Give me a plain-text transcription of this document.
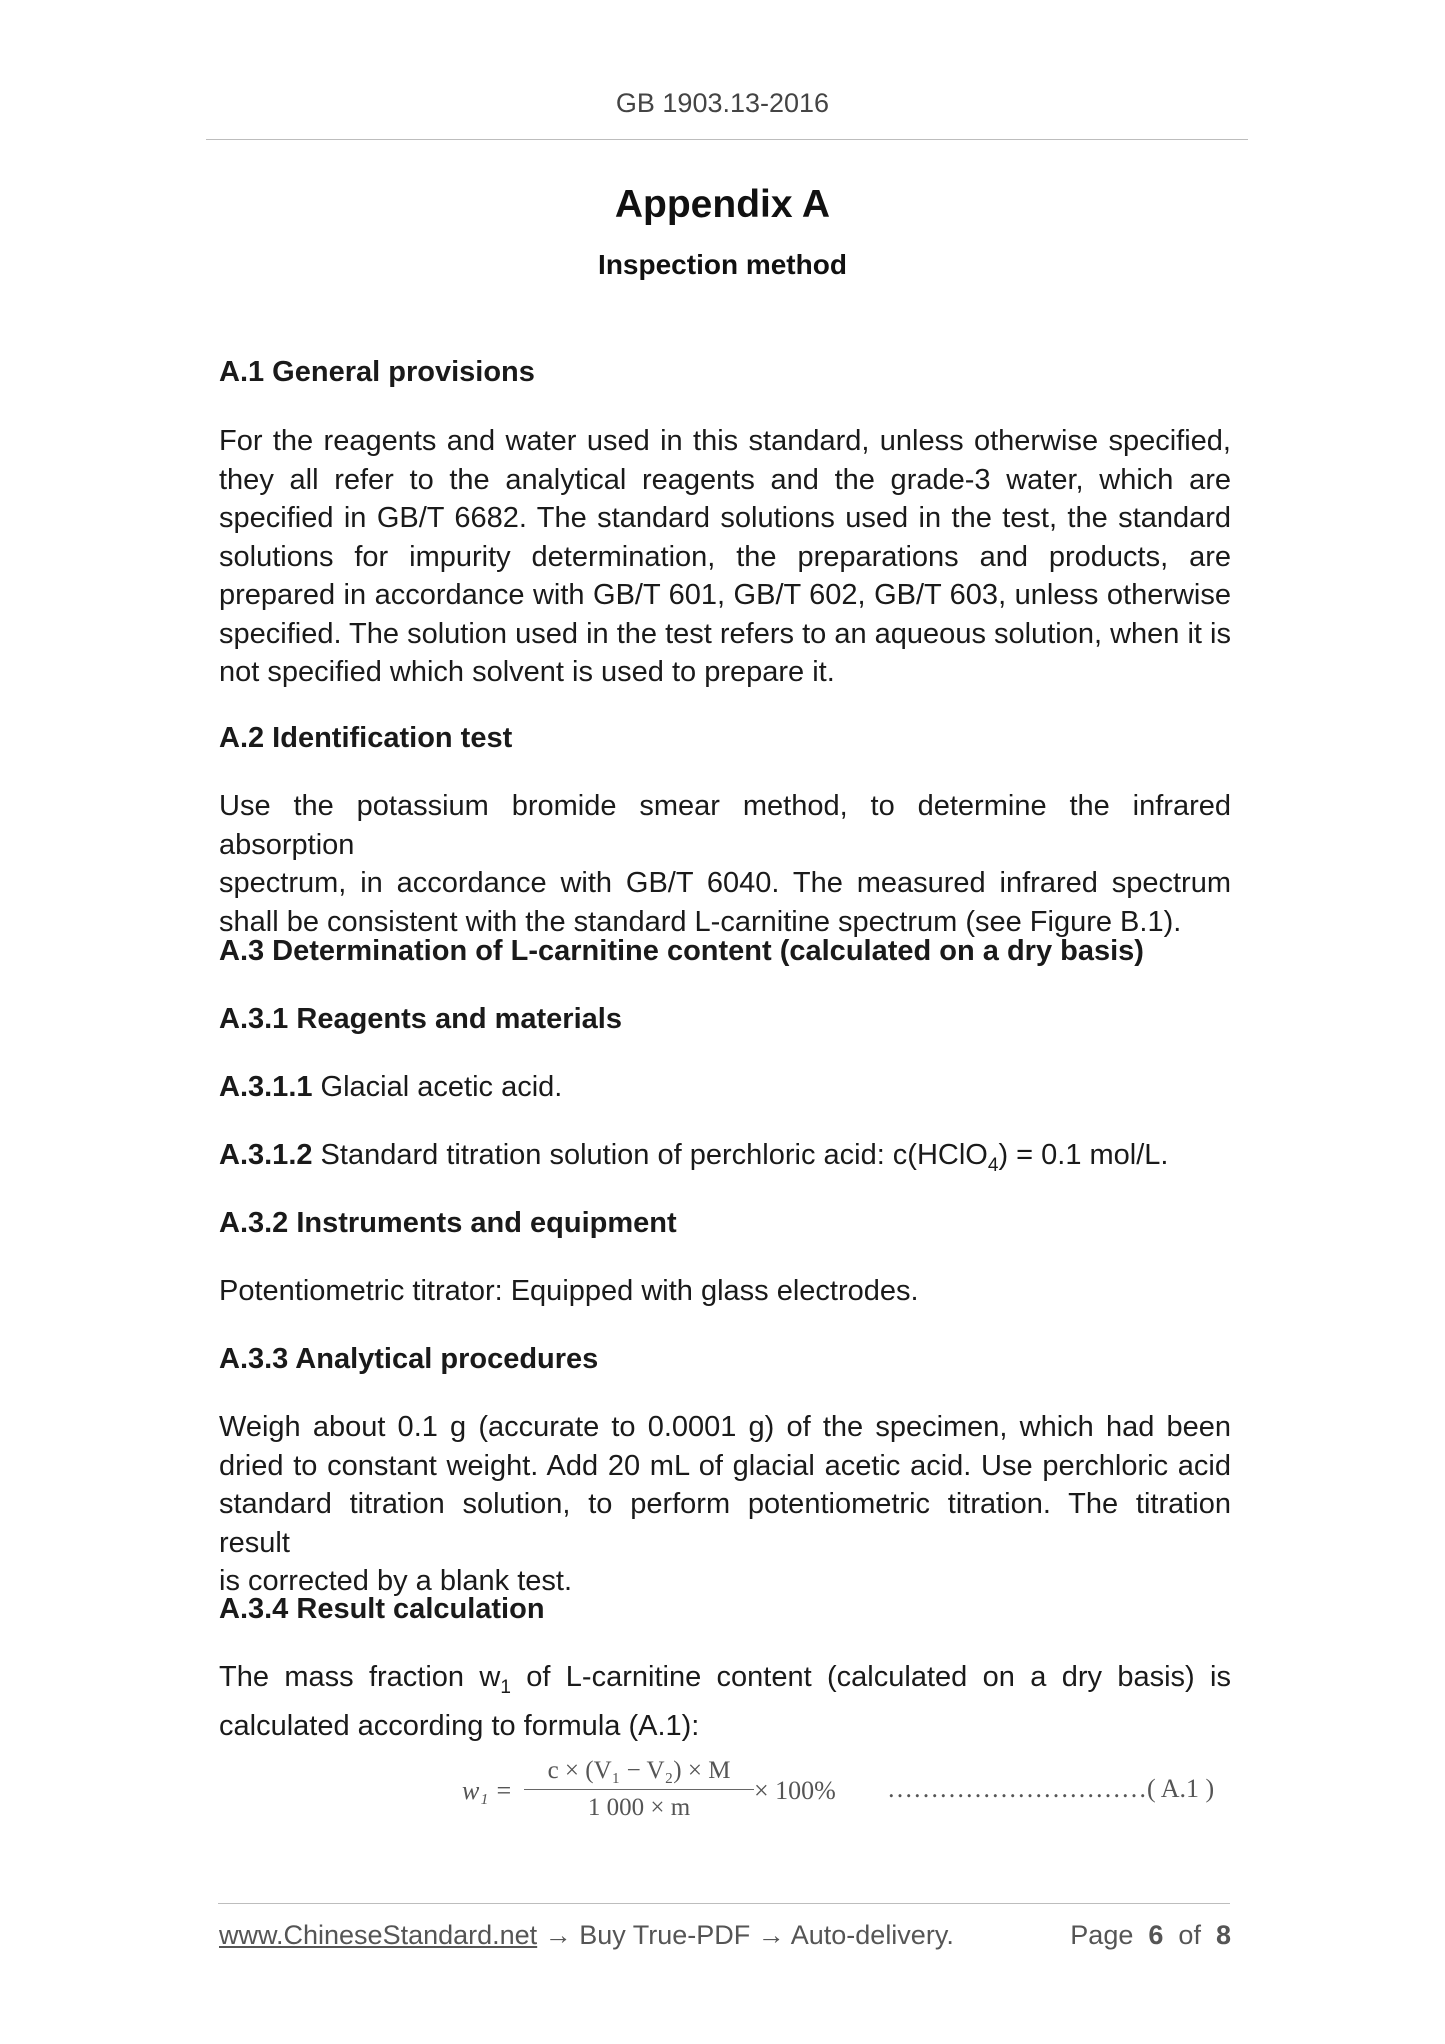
GB 1903.13-2016
Appendix A
Inspection method
A.1 General provisions
For the reagents and water used in this standard, unless otherwise specified,
they all refer to the analytical reagents and the grade-3 water, which are
specified in GB/T 6682. The standard solutions used in the test, the standard
solutions for impurity determination, the preparations and products, are
prepared in accordance with GB/T 601, GB/T 602, GB/T 603, unless otherwise
specified. The solution used in the test refers to an aqueous solution, when it is
not specified which solvent is used to prepare it.
A.2 Identification test
Use the potassium bromide smear method, to determine the infrared absorption
spectrum, in accordance with GB/T 6040. The measured infrared spectrum
shall be consistent with the standard L-carnitine spectrum (see Figure B.1).
A.3 Determination of L-carnitine content (calculated on a dry basis)
A.3.1 Reagents and materials
A.3.1.1 Glacial acetic acid.
A.3.1.2 Standard titration solution of perchloric acid: c(HClO$_4$) = 0.1 mol/L.
A.3.2 Instruments and equipment
Potentiometric titrator: Equipped with glass electrodes.
A.3.3 Analytical procedures
Weigh about 0.1 g (accurate to 0.0001 g) of the specimen, which had been
dried to constant weight. Add 20 mL of glacial acetic acid. Use perchloric acid
standard titration solution, to perform potentiometric titration. The titration result
is corrected by a blank test.
A.3.4 Result calculation
The mass fraction $w_1$ of L-carnitine content (calculated on a dry basis) is
calculated according to formula (A.1):
w₁ =
c × (V₁ − V₂) × M
1 000 × m
× 100% …………………………( A.1 )
www.ChineseStandard.net → Buy True-PDF → Auto-delivery.	Page 6 of 8
